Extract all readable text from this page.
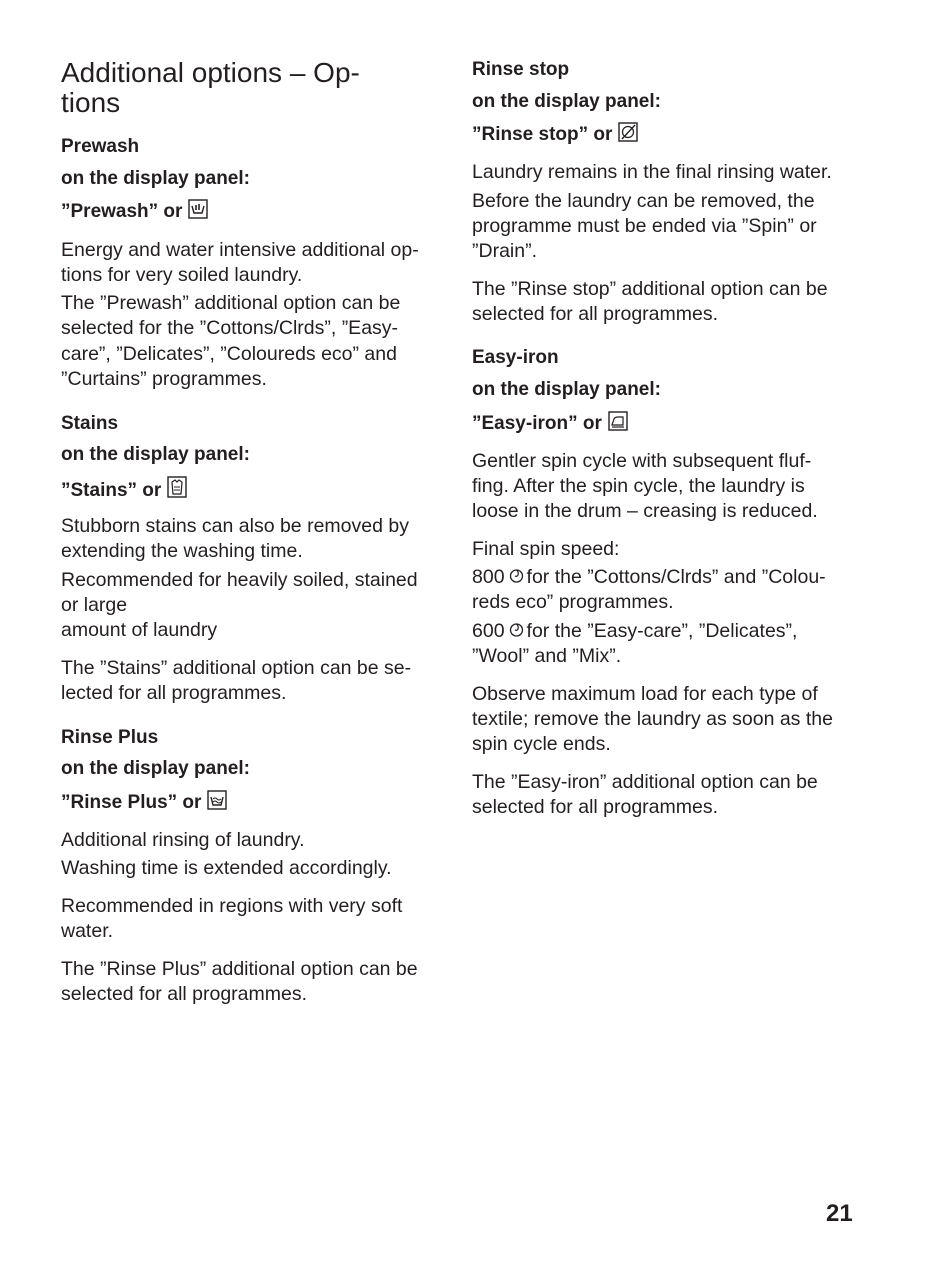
Additional options – Op-
tions

Prewash

on the display panel:

”Prewash” or

Energy and water intensive additional op-

tions for very soiled laundry.

The ”Prewash” additional option can be

selected for the ”Cottons/Clrds”, ”Easy-

care”, ”Delicates”, ”Coloureds eco” and

”Curtains” programmes.

Stains

on the display panel:

”Stains” or

Stubborn stains can also be removed by

extending the washing time.

Recommended for heavily soiled, stained

or large

amount of laundry

The ”Stains” additional option can be se-

lected for all programmes.

Rinse Plus

on the display panel:

”Rinse Plus” or

Additional rinsing of laundry.

Washing time is extended accordingly.

Recommended in regions with very soft

water.

The ”Rinse Plus” additional option can be

selected for all programmes.

Rinse stop

on the display panel:

”Rinse stop” or

Laundry remains in the final rinsing water.

Before the laundry can be removed, the

programme must be ended via ”Spin” or

”Drain”.

The ”Rinse stop” additional option can be

selected for all programmes.

Easy-iron

on the display panel:

”Easy-iron” or

Gentler spin cycle with subsequent fluf-

fing. After the spin cycle, the laundry is

loose in the drum – creasing is reduced.

Final spin speed:

800 for the ”Cottons/Clrds” and ”Colou-

reds eco” programmes.

600 for the ”Easy-care”, ”Delicates”,

”Wool” and ”Mix”.

Observe maximum load for each type of

textile; remove the laundry as soon as the

spin cycle ends.

The ”Easy-iron” additional option can be

selected for all programmes.

21
